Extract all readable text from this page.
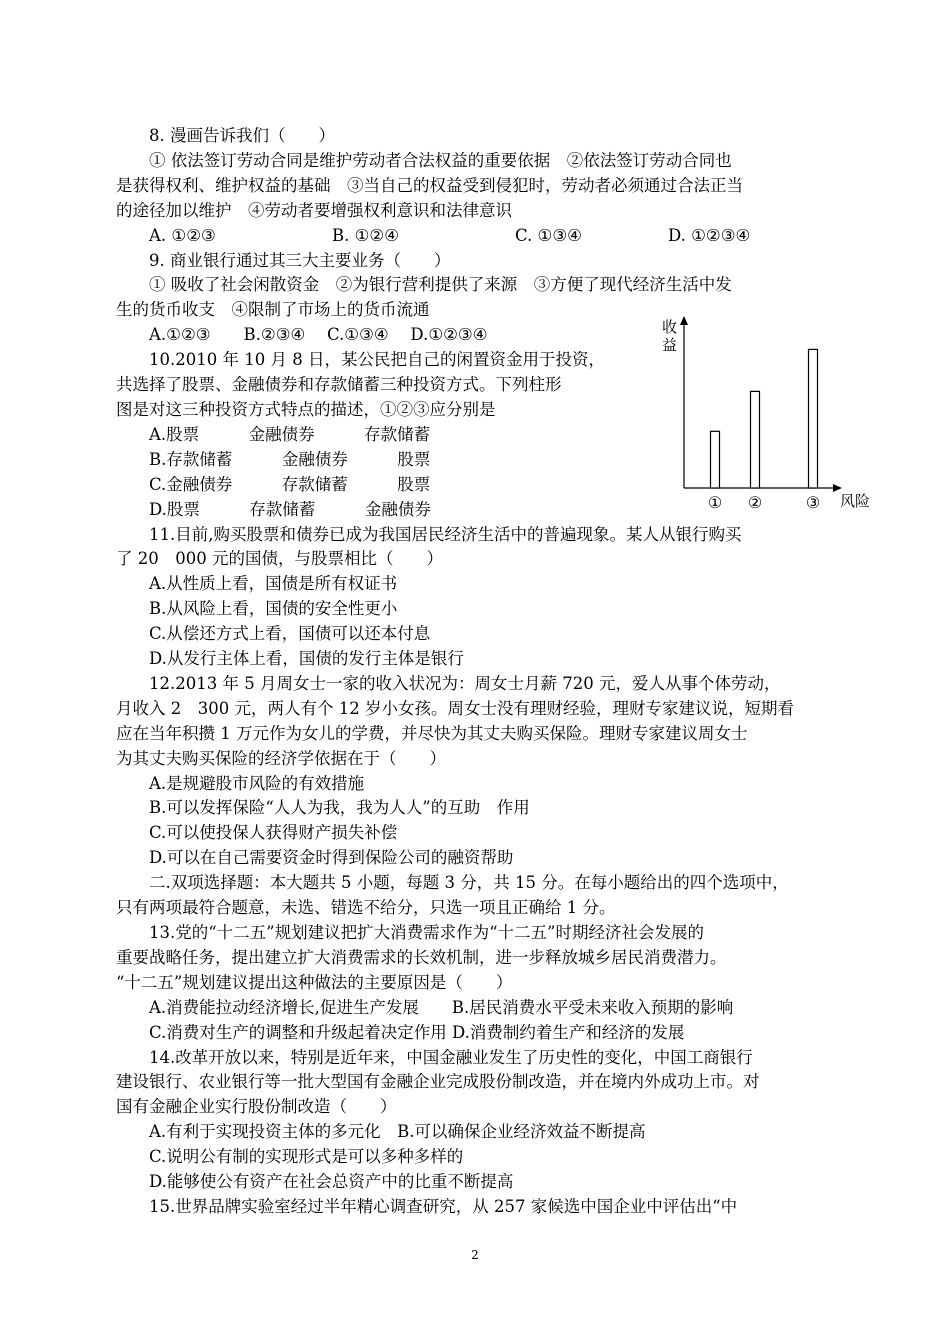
8. 漫画告诉我们（　　）

① 依法签订劳动合同是维护劳动者合法权益的重要依据　②依法签订劳动合同也

是获得权利、维护权益的基础　③当自己的权益受到侵犯时，劳动者必须通过合法正当

的途径加以维护　④劳动者要增强权利意识和法律意识

A. ①②③	B. ①②④	C. ①③④	D. ①②③④

9. 商业银行通过其三大主要业务（　　）

① 吸收了社会闲散资金　②为银行营利提供了来源　③方便了现代经济生活中发

生的货币收支　④限制了市场上的货币流通

A.①②③　　B.②③④　 C.①③④　 D.①②③④

10.2010 年 10 月 8 日，某公民把自己的闲置资金用于投资，

共选择了股票、金融债券和存款储蓄三种投资方式。下列柱形

图是对这三种投资方式特点的描述，①②③应分别是

A.股票　　　金融债券　　　存款储蓄

B.存款储蓄　　　金融债券　　　股票

C.金融债券　　　存款储蓄　　　股票

D.股票　　　存款储蓄　　　金融债券

11.目前,购买股票和债券已成为我国居民经济生活中的普遍现象。某人从银行购买

了 20　000 元的国债，与股票相比（　　）

A.从性质上看，国债是所有权证书

B.从风险上看，国债的安全性更小

C.从偿还方式上看，国债可以还本付息

D.从发行主体上看，国债的发行主体是银行

12.2013 年 5 月周女士一家的收入状况为：周女士月薪 720 元，爱人从事个体劳动，

月收入 2　300 元，两人有个 12 岁小女孩。周女士没有理财经验，理财专家建议说，短期看

应在当年积攒 1 万元作为女儿的学费，并尽快为其丈夫购买保险。理财专家建议周女士

为其丈夫购买保险的经济学依据在于（　　）

A.是规避股市风险的有效措施

B.可以发挥保险“人人为我，我为人人”的互助　作用

C.可以使投保人获得财产损失补偿

D.可以在自己需要资金时得到保险公司的融资帮助

二.双项选择题：本大题共 5 小题，每题 3 分，共 15 分。在每小题给出的四个选项中，

只有两项最符合题意，未选、错选不给分，只选一项且正确给 1 分。

13.党的“十二五”规划建议把扩大消费需求作为“十二五”时期经济社会发展的

重要战略任务，提出建立扩大消费需求的长效机制，进一步释放城乡居民消费潜力。

“十二五”规划建议提出这种做法的主要原因是（　　）

A.消费能拉动经济增长,促进生产发展　　B.居民消费水平受未来收入预期的影响

C.消费对生产的调整和升级起着决定作用 D.消费制约着生产和经济的发展

14.改革开放以来，特别是近年来，中国金融业发生了历史性的变化，中国工商银行

建设银行、农业银行等一批大型国有金融企业完成股份制改造，并在境内外成功上市。对

国有金融企业实行股份制改造（　　）

A.有利于实现投资主体的多元化　B.可以确保企业经济效益不断提高

C.说明公有制的实现形式是可以多种多样的

D.能够使公有资产在社会总资产中的比重不断提高

15.世界品牌实验室经过半年精心调查研究，从 257 家候选中国企业中评估出“中

收益
① ②	③ 风险
2
